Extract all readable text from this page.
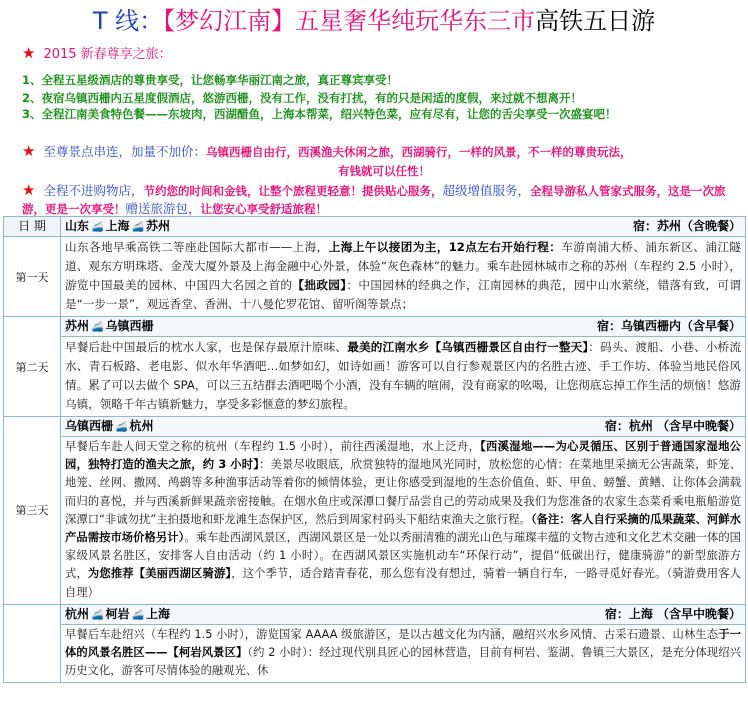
T 线：【梦幻江南】五星奢华纯玩华东三市高铁五日游
★ 2015 新春尊享之旅：
1、全程五星级酒店的尊贵享受，让您畅享华丽江南之旅，真正尊宾享受！
2、夜宿乌镇西栅内五星度假酒店，悠游西栅，没有工作，没有打扰，有的只是闲适的度假，来过就不想离开！
3、全程江南美食特色餐——东坡肉，西湖醋鱼，上海本帮菜，绍兴特色菜，应有尽有，让您的舌尖享受一次盛宴吧！
★ 至尊景点串连，加量不加价：乌镇西栅自由行，西溪渔夫休闲之旅，西湖骑行，一样的风景，不一样的尊贵玩法，
有钱就可以任性！
★ 全程不进购物店，节约您的时间和金钱，让整个旅程更轻意！提供贴心服务，超级增值服务，全程导游私人管家式服务，这是一次旅游，更是一次享受！赠送旅游包，让您安心享受舒适旅程！
日 期	山东 🚄 上海 🚄 苏州 宿：苏州（含晚餐）

第一天	山东各地早乘高铁二等座赴国际大都市——上海，上海上午以接团为主，12点左右开始行程：车游南浦大桥、浦东新区、浦江隧道、观东方明珠塔、金茂大厦外景及上海金融中心外景，体验“灰色森林”的魅力。乘车赴园林城市之称的苏州（车程约 2.5 小时），游览中国最美的园林、中国四大名园之首的【拙政园】：中国园林的经典之作，江南园林的典范，园中山水萦绕，错落有致，可谓是“一步一景”，观远香堂、香洲、十八曼佗罗花馆、留听阁等景点；

第二天	苏州 🚄 乌镇西栅 宿：乌镇西栅内（含早餐）
早餐后赴中国最后的枕水人家，也是保存最原汁原味、最美的江南水乡【乌镇西栅景区自由行一整天】：码头、渡船、小巷、小桥流水、青石板路、老电影、似水年华酒吧…如梦如幻，如诗如画！游客可以自行参观景区内的名胜古迹、手工作坊、体验当地民俗风情。累了可以去做个 SPA，可以三五结群去酒吧喝个小酒，没有车辆的喧闹，没有商家的吆喝，让您彻底忘掉工作生活的烦恼！悠游乌镇，领略千年古镇新魅力，享受多彩惬意的梦幻旅程。

第三天	乌镇西栅 🚄 杭州 宿：杭州 （含早中晚餐）
早餐后车赴人间天堂之称的杭州（车程约 1.5 小时），前往西溪湿地，水上泛舟，【西溪湿地——为心灵循压、区别于普通国家湿地公园，独特打造的渔夫之旅，约 3 小时】：美景尽收眼底，欣赏独特的湿地风光同时，放松您的心情：在菜地里采摘无公害蔬菜，虾笼、地笼、丝网、撒网、鸬鹚等多种渔事活动等着你的倾情体验，更让你感受到湿地的生态价值鱼、虾、甲鱼、螃蟹、黄鳝、让你体会满载而归的喜悦，并与西溪新鲜果蔬亲密接触。在烟水鱼庄或深潭口餐厅品尝自己的劳动成果及我们为您准备的农家生态菜肴乘电瓶船游览深潭口“非诚勿扰”主拍摄地和虾龙滩生态保护区，然后到周家村码头下船结束渔夫之旅行程。（备注：客人自行采摘的瓜果蔬菜、河鲜水产品需按市场价格另计）。乘车赴西湖风景区，西湖风景区是一处以秀丽清雅的湖光山色与璀璨丰蕴的文物古迹和文化艺术交融一体的国家级风景名胜区，安排客人自由活动（约 1 小时）。在西湖风景区实施机动车“环保行动”，提倡“低碳出行，健康骑游”的新型旅游方式，为您推荐【美丽西湖区骑游】，这个季节，适合踏青春花，那么您有没有想过，骑着一辆自行车，一路寻觅好春光。（骑游费用客人自理）

	杭州 🚄 柯岩 🚄 上海 宿：上海 （含早中晚餐）
早餐后车赴绍兴（车程约 1.5 小时），游览国家 AAAA 级旅游区，是以古越文化为内涵，融绍兴水乡风情、古采石遗景、山林生态于一体的风景名胜区——【柯岩风景区】（约 2 小时）：经过现代别具匠心的园林营造，目前有柯岩、鉴湖、鲁镇三大景区，是充分体现绍兴历史文化，游客可尽情体验的融观光、休
